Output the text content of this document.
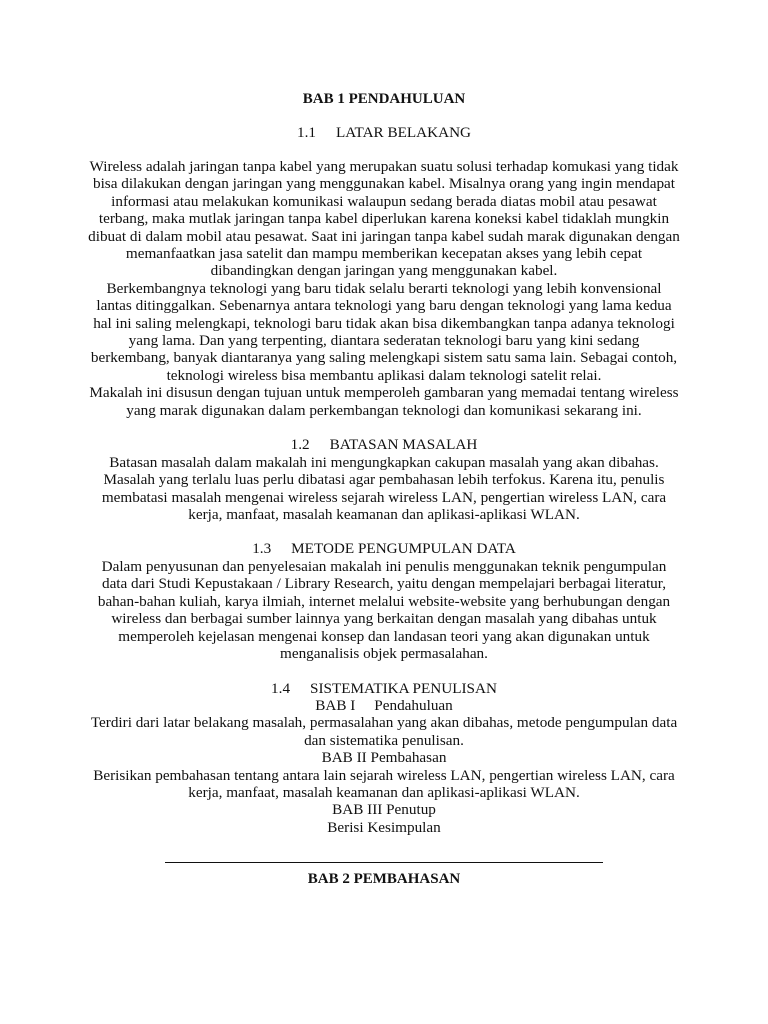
BAB 1 PENDAHULUAN
1.1 LATAR BELAKANG
Wireless adalah jaringan tanpa kabel yang merupakan suatu solusi terhadap komukasi yang tidak
bisa dilakukan dengan jaringan yang menggunakan kabel. Misalnya orang yang ingin mendapat
informasi atau melakukan komunikasi walaupun sedang berada diatas mobil atau pesawat
terbang, maka mutlak jaringan tanpa kabel diperlukan karena koneksi kabel tidaklah mungkin
dibuat di dalam mobil atau pesawat. Saat ini jaringan tanpa kabel sudah marak digunakan dengan
memanfaatkan jasa satelit dan mampu memberikan kecepatan akses yang lebih cepat
dibandingkan dengan jaringan yang menggunakan kabel.
Berkembangnya teknologi yang baru tidak selalu berarti teknologi yang lebih konvensional
lantas ditinggalkan. Sebenarnya antara teknologi yang baru dengan teknologi yang lama kedua
hal ini saling melengkapi, teknologi baru tidak akan bisa dikembangkan tanpa adanya teknologi
yang lama. Dan yang terpenting, diantara sederatan teknologi baru yang kini sedang
berkembang, banyak diantaranya yang saling melengkapi sistem satu sama lain. Sebagai contoh,
teknologi wireless bisa membantu aplikasi dalam teknologi satelit relai.
Makalah ini disusun dengan tujuan untuk memperoleh gambaran yang memadai tentang wireless
yang marak digunakan dalam perkembangan teknologi dan komunikasi sekarang ini.
1.2 BATASAN MASALAH
Batasan masalah dalam makalah ini mengungkapkan cakupan masalah yang akan dibahas.
Masalah yang terlalu luas perlu dibatasi agar pembahasan lebih terfokus. Karena itu, penulis
membatasi masalah mengenai wireless sejarah wireless LAN, pengertian wireless LAN, cara
kerja, manfaat, masalah keamanan dan aplikasi-aplikasi WLAN.
1.3 METODE PENGUMPULAN DATA
Dalam penyusunan dan penyelesaian makalah ini penulis menggunakan teknik pengumpulan
data dari Studi Kepustakaan / Library Research, yaitu dengan mempelajari berbagai literatur,
bahan-bahan kuliah, karya ilmiah, internet melalui website-website yang berhubungan dengan
wireless dan berbagai sumber lainnya yang berkaitan dengan masalah yang dibahas untuk
memperoleh kejelasan mengenai konsep dan landasan teori yang akan digunakan untuk
menganalisis objek permasalahan.
1.4 SISTEMATIKA PENULISAN
BAB I     Pendahuluan
Terdiri dari latar belakang masalah, permasalahan yang akan dibahas, metode pengumpulan data
dan sistematika penulisan.
BAB II Pembahasan
Berisikan pembahasan tentang antara lain sejarah wireless LAN, pengertian wireless LAN, cara
kerja, manfaat, masalah keamanan dan aplikasi-aplikasi WLAN.
BAB III Penutup
Berisi Kesimpulan
BAB 2 PEMBAHASAN
